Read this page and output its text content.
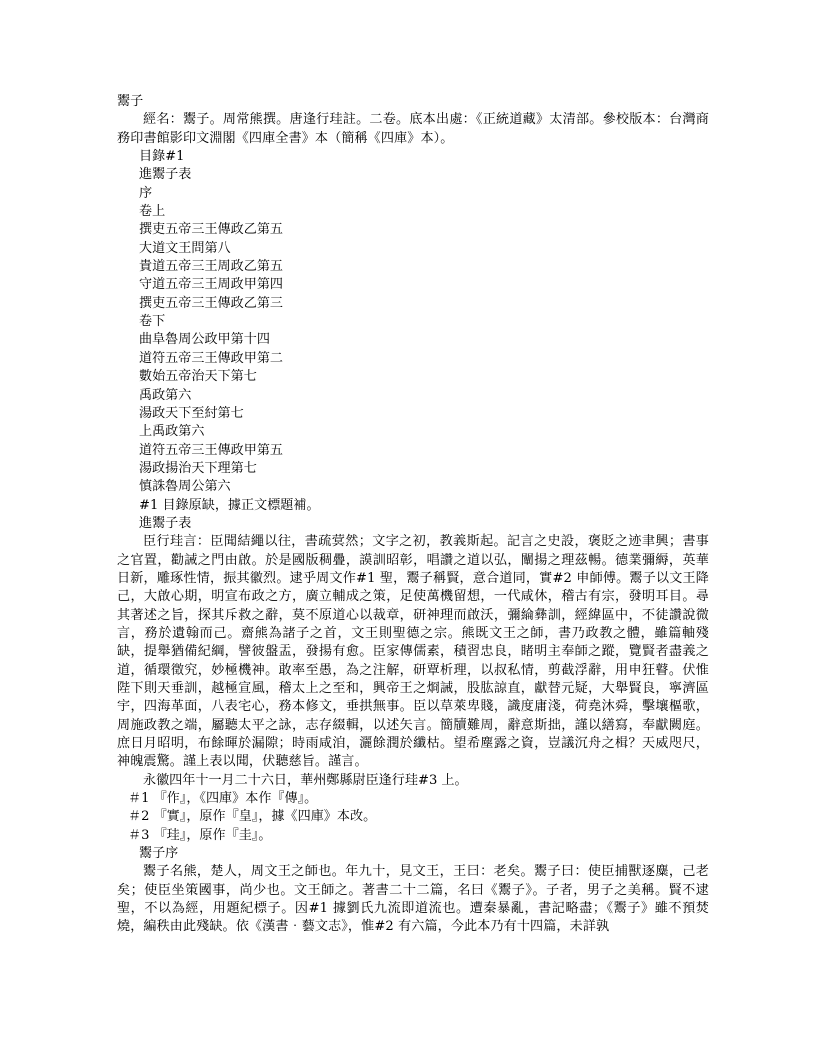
鬻子

經名：鬻子。周常熊撰。唐逢行珪註。二卷。底本出處：《正統道藏》太清部。參校版本：台灣商務印書館影印文淵閣《四庫全書》本（簡稱《四庫》本）。

目錄#1
進鬻子表
序
卷上
撰吏五帝三王傳政乙第五
大道文王問第八
貴道五帝三王周政乙第五
守道五帝三王周政甲第四
撰吏五帝三王傳政乙第三
卷下
曲阜魯周公政甲第十四
道符五帝三王傳政甲第二
數始五帝治天下第七
禹政第六
湯政天下至紂第七
上禹政第六
道符五帝三王傳政甲第五
湯政揚治天下理第七
慎誅魯周公第六
#1 目錄原缺，據正文標題補。
進鬻子表

臣行珪言：臣聞結繩以往，書疏蓂然；文字之初，教義斯起。記言之史設，褒貶之迹聿興；書事之官置，勸誡之門由啟。於是國版稠疊，謨訓昭彰，唱讚之道以弘，闡揚之理茲暢。德業彌縟，英華日新，雕琢性情，振其徽烈。逮乎周文作#1 聖，鬻子稱賢，意合道同，實#2 申師傅。鬻子以文王降己，大啟心期，明宣布政之方，廣立輔成之策，足使萬機留想，一代咸休，稽古有宗，發明耳目。尋其著述之旨，探其斥救之辭，莫不原道心以裁章，研神理而啟沃，彌綸彝訓，經緯區中，不徒讚說微言，務於遺翰而己。齋熊為諸子之首，文王則聖德之宗。熊既文王之師，書乃政教之體，雖篇軸殘缺，提舉猶備紀綱，譬彼盤盂，發揚有愈。臣家傳儒素，積習忠良，睹明主奉師之蹤，覽賢者盡義之道，循環徵究，妙極機神。敢率至愚，為之注解，研覃析理，以叔私情，剪截浮辭，用申狂瞽。伏惟陛下則天垂訓，越極宣風，稽太上之至和，興帝王之烱誡，股肱諒直，獻替元疑，大舉賢良，寧濟區宇，四海革面，八表宅心，務本修文，垂拱無事。臣以草萊卑賤，識度庸淺，荷堯沐舜，擊壤樞歌，周施政教之端，屬聽太平之詠，志存綴輯，以述矢言。簡牘難周，辭意斯拙，謹以繕寫，奉獻闕庭。庶日月昭明，布餘暉於漏隙；時雨咸洎，灑餘潤於纖枯。望希塵露之資，豈議沉舟之楫？天威咫尺，神魄震驚。謹上表以聞，伏聽慈旨。謹言。

永徽四年十一月二十六日，華州鄭縣尉臣逢行珪#3 上。
＃1 『作』，《四庫》本作『傳』。
＃2 『實』，原作『皇』，據《四庫》本改。
＃3 『珪』，原作『圭』。
鬻子序

鬻子名熊，楚人，周文王之師也。年九十，見文王，王曰：老矣。鬻子曰：使臣捕獸逐麋，己老矣；使臣坐策國事，尚少也。文王師之。著書二十二篇，名曰《鬻子》。子者，男子之美稱。賢不逮聖，不以為經，用題紀標子。因#1 據劉氏九流即道流也。遭秦暴亂，書記略盡；《鬻子》雖不預焚燒，編秩由此殘缺。依《漢書‧藝文志》，惟#2 有六篇，今此本乃有十四篇，未詳孰
